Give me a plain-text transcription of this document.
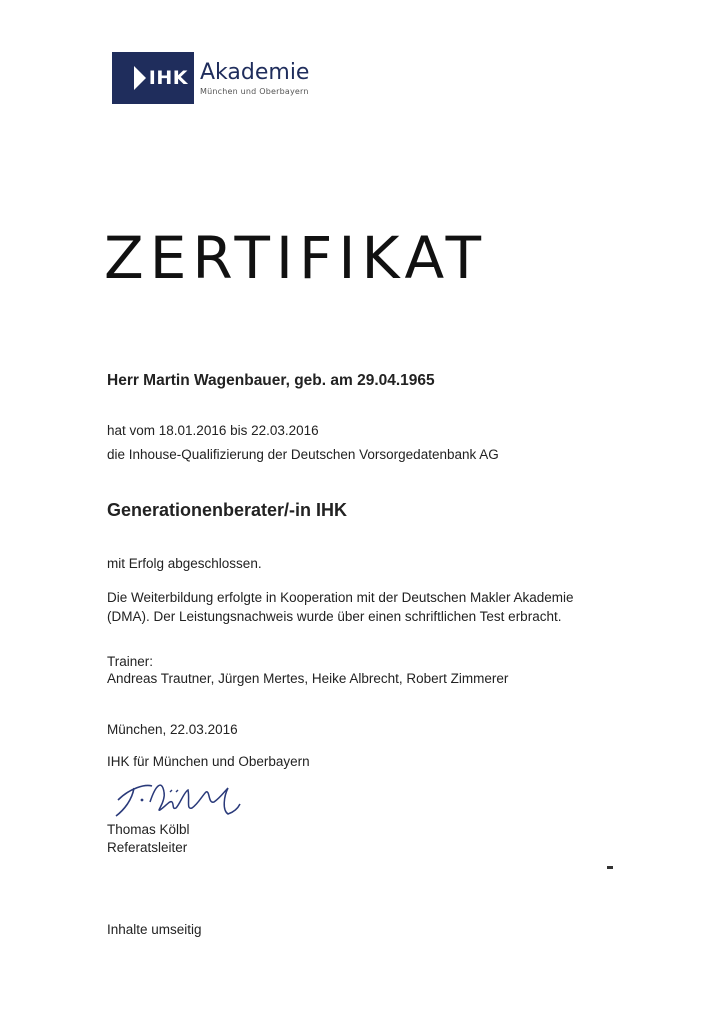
IHK Akademie
München und Oberbayern
ZERTIFIKAT
Herr Martin Wagenbauer, geb. am 29.04.1965
hat vom 18.01.2016 bis 22.03.2016
die Inhouse-Qualifizierung der Deutschen Vorsorgedatenbank AG
Generationenberater/-in IHK
mit Erfolg abgeschlossen.
Die Weiterbildung erfolgte in Kooperation mit der Deutschen Makler Akademie (DMA). Der Leistungsnachweis wurde über einen schriftlichen Test erbracht.
Trainer:
Andreas Trautner, Jürgen Mertes, Heike Albrecht, Robert Zimmerer
München, 22.03.2016
IHK für München und Oberbayern
Thomas Kölbl
Referatsleiter
Inhalte umseitig
